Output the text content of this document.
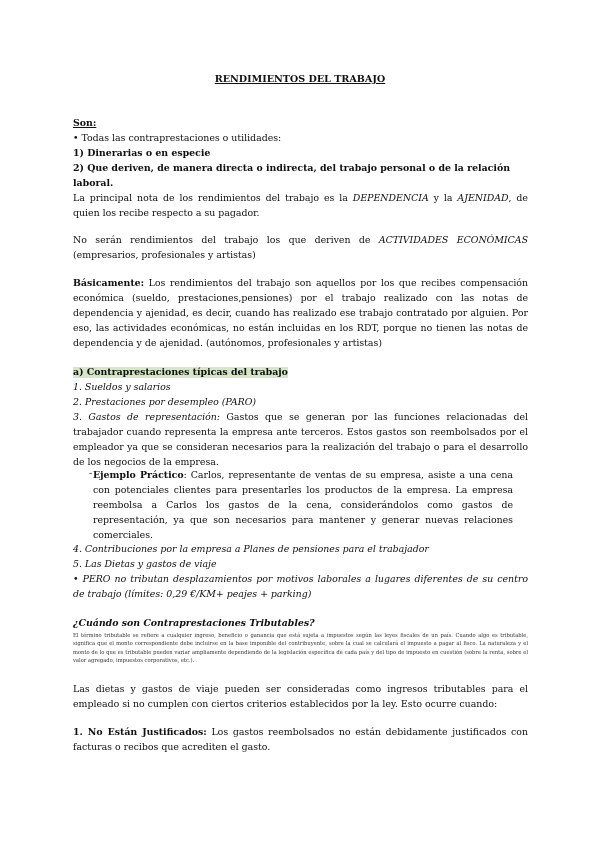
RENDIMIENTOS DEL TRABAJO

Son:
• Todas las contraprestaciones o utilidades:
1) Dinerarias o en especie
2) Que deriven, de manera directa o indirecta, del trabajo personal o de la relación laboral.

La principal nota de los rendimientos del trabajo es la DEPENDENCIA y la AJENIDAD, de quien los recibe respecto a su pagador.

No serán rendimientos del trabajo los que deriven de ACTIVIDADES ECONÓMICAS (empresarios, profesionales y artistas)

Básicamente: Los rendimientos del trabajo son aquellos por los que recibes compensación económica (sueldo, prestaciones,pensiones) por el trabajo realizado con las notas de dependencia y ajenidad, es decir, cuando has realizado ese trabajo contratado por alguien. Por eso, las actividades económicas, no están incluidas en los RDT, porque no tienen las notas de dependencia y de ajenidad. (autónomos, profesionales y artistas)

a) Contraprestaciones típicas del trabajo
1. Sueldos y salarios
2. Prestaciones por desempleo (PARO)
3. Gastos de representación: Gastos que se generan por las funciones relacionadas del trabajador cuando representa la empresa ante terceros. Estos gastos son reembolsados por el empleador ya que se consideran necesarios para la realización del trabajo o para el desarrollo de los negocios de la empresa.
- Ejemplo Práctico: Carlos, representante de ventas de su empresa, asiste a una cena con potenciales clientes para presentarles los productos de la empresa. La empresa reembolsa a Carlos los gastos de la cena, considerándolos como gastos de representación, ya que son necesarios para mantener y generar nuevas relaciones comerciales.

4. Contribuciones por la empresa a Planes de pensiones para el trabajador
5. Las Dietas y gastos de viaje
• PERO no tributan desplazamientos por motivos laborales a lugares diferentes de su centro de trabajo (límites: 0,29 €/KM+ peajes + parking)
¿Cuándo son Contraprestaciones Tributables?

El término tributable se refiere a cualquier ingreso, beneficio o ganancia que está sujeta a impuestos según las leyes fiscales de un país. Cuando algo es tributable, significa que el monto correspondiente debe incluirse en la base imponible del contribuyente, sobre la cual se calculará el impuesto a pagar al fisco. La naturaleza y el monto de lo que es tributable pueden variar ampliamente dependiendo de la legislación específica de cada país y del tipo de impuesto en cuestión (sobre la renta, sobre el valor agregado, impuestos corporativos, etc.).

Las dietas y gastos de viaje pueden ser consideradas como ingresos tributables para el empleado si no cumplen con ciertos criterios establecidos por la ley. Esto ocurre cuando:

1. No Están Justificados: Los gastos reembolsados no están debidamente justificados con facturas o recibos que acrediten el gasto.
